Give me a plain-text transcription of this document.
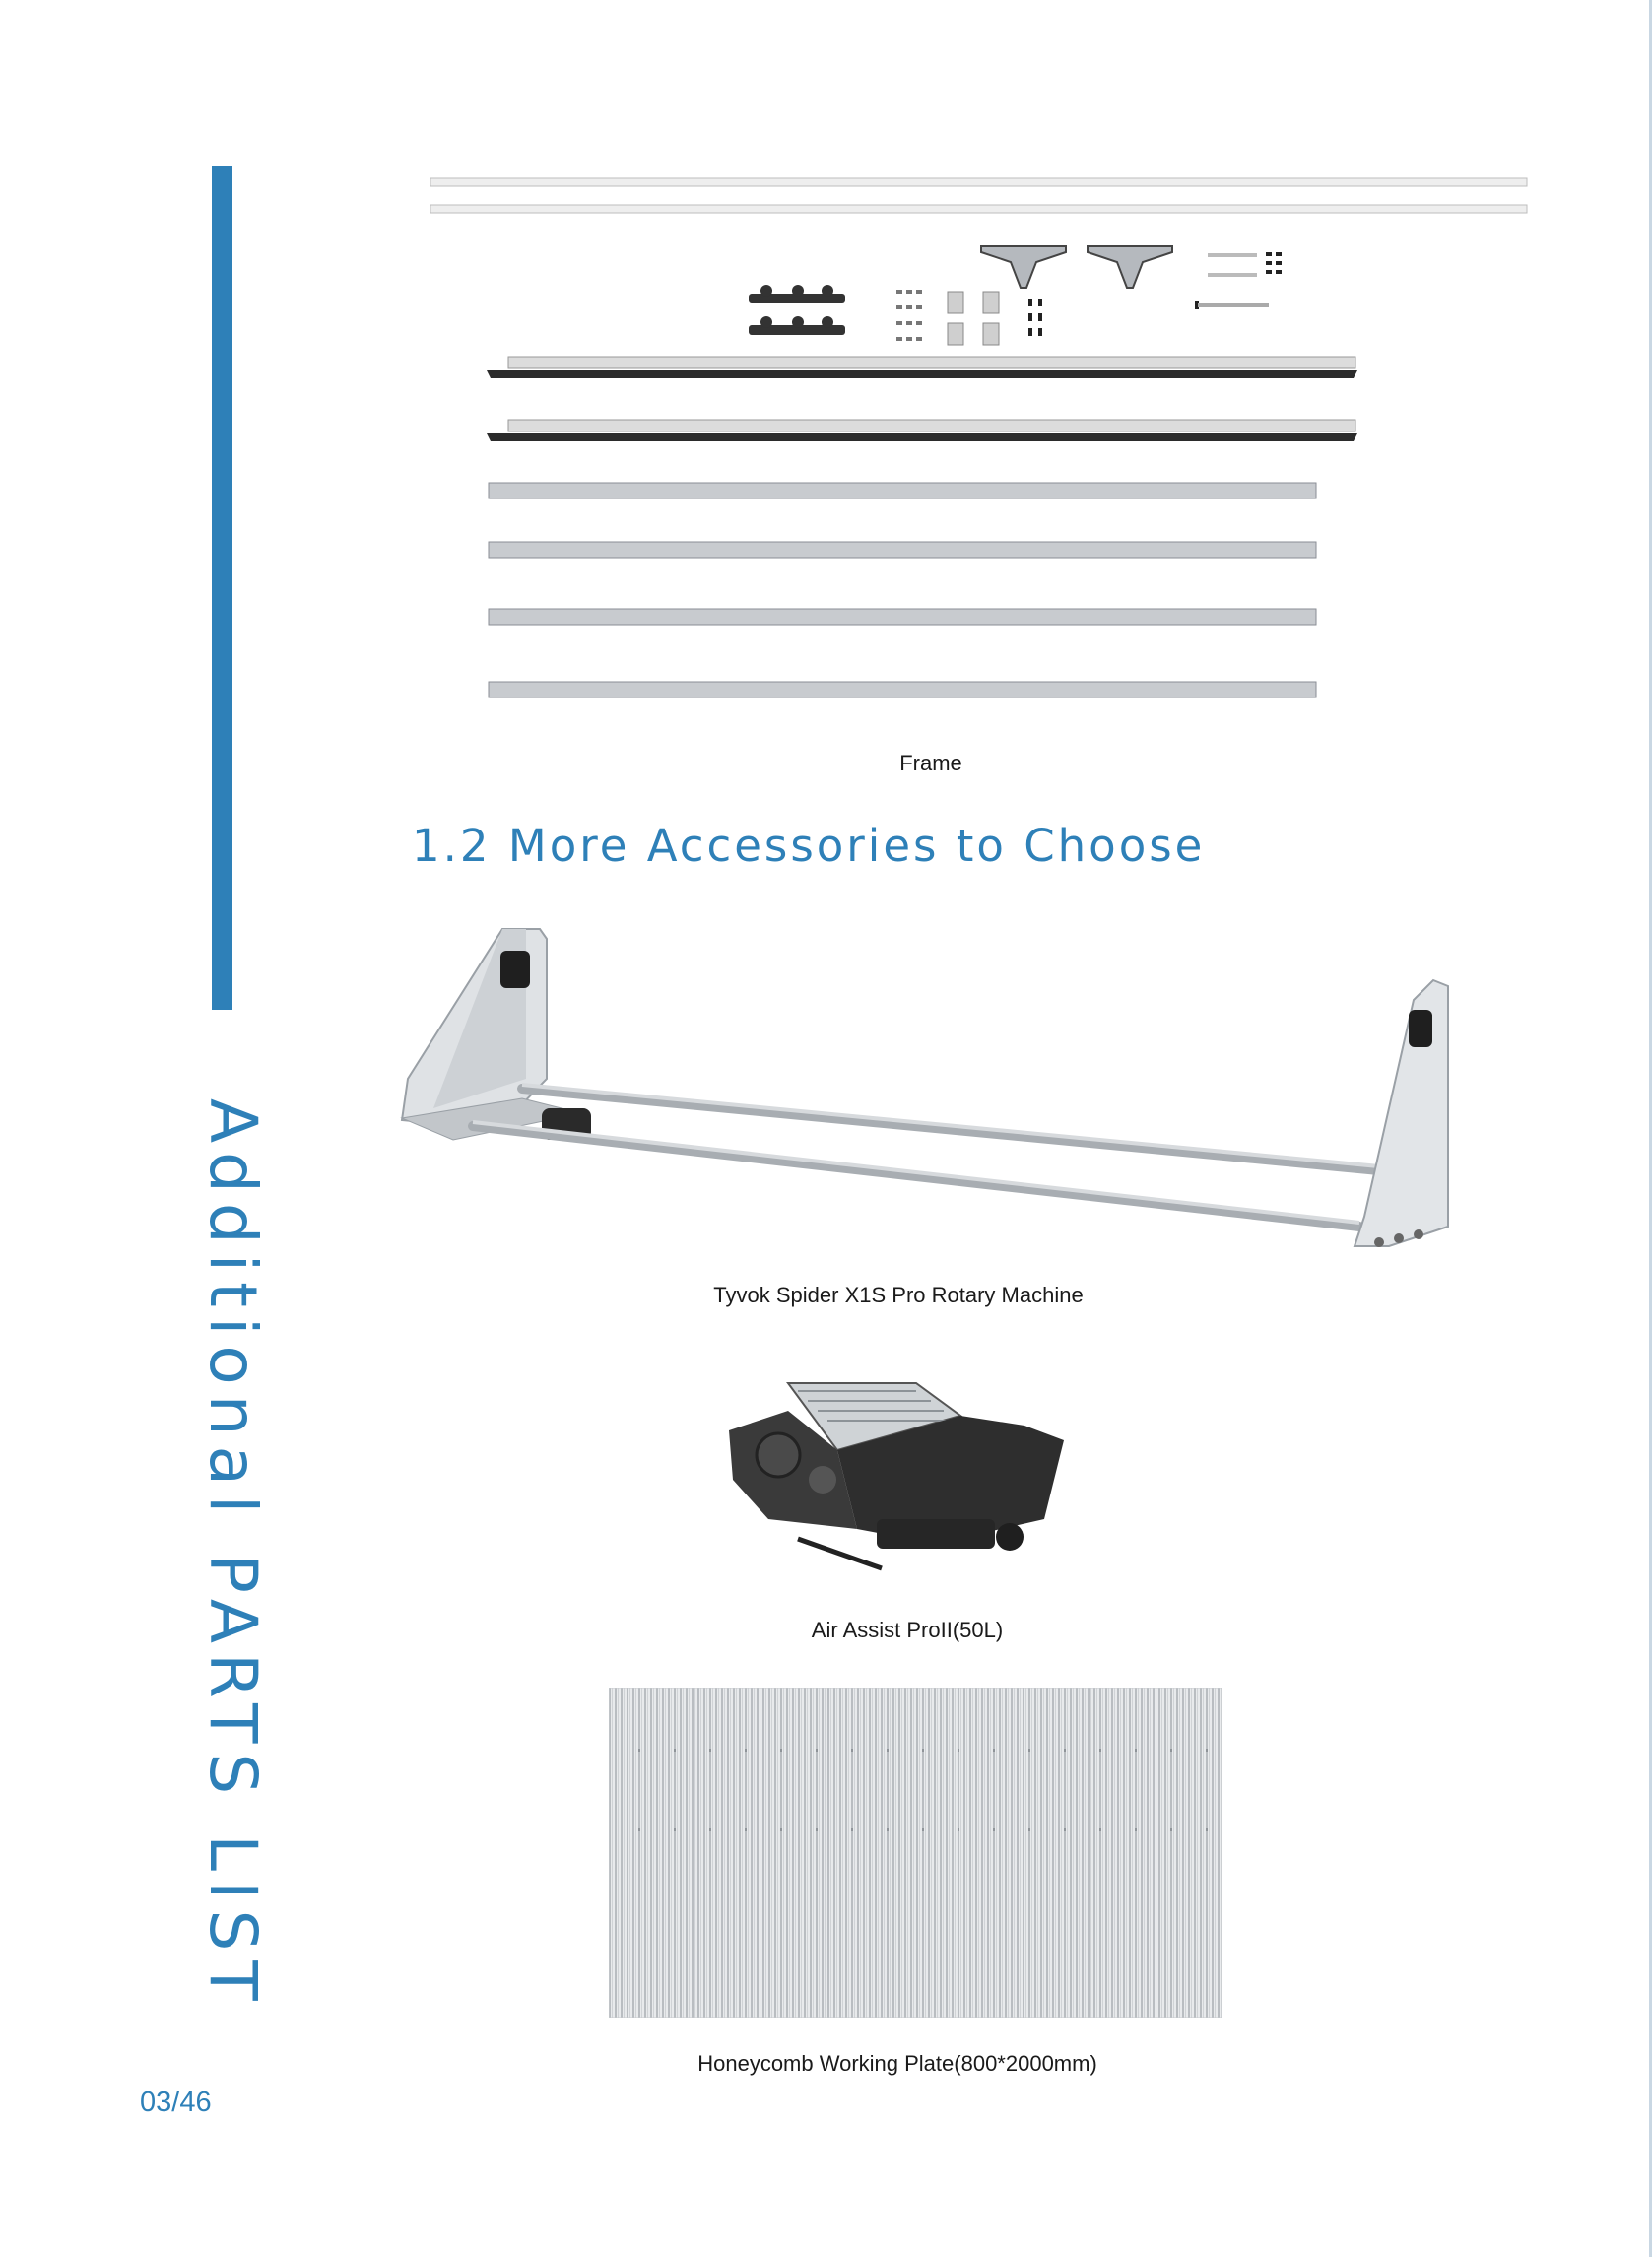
Additional PARTS LIST
03/46
Frame
1.2 More Accessories to Choose
Tyvok Spider X1S Pro Rotary Machine
Air Assist ProII(50L)
Honeycomb Working Plate(800*2000mm)
